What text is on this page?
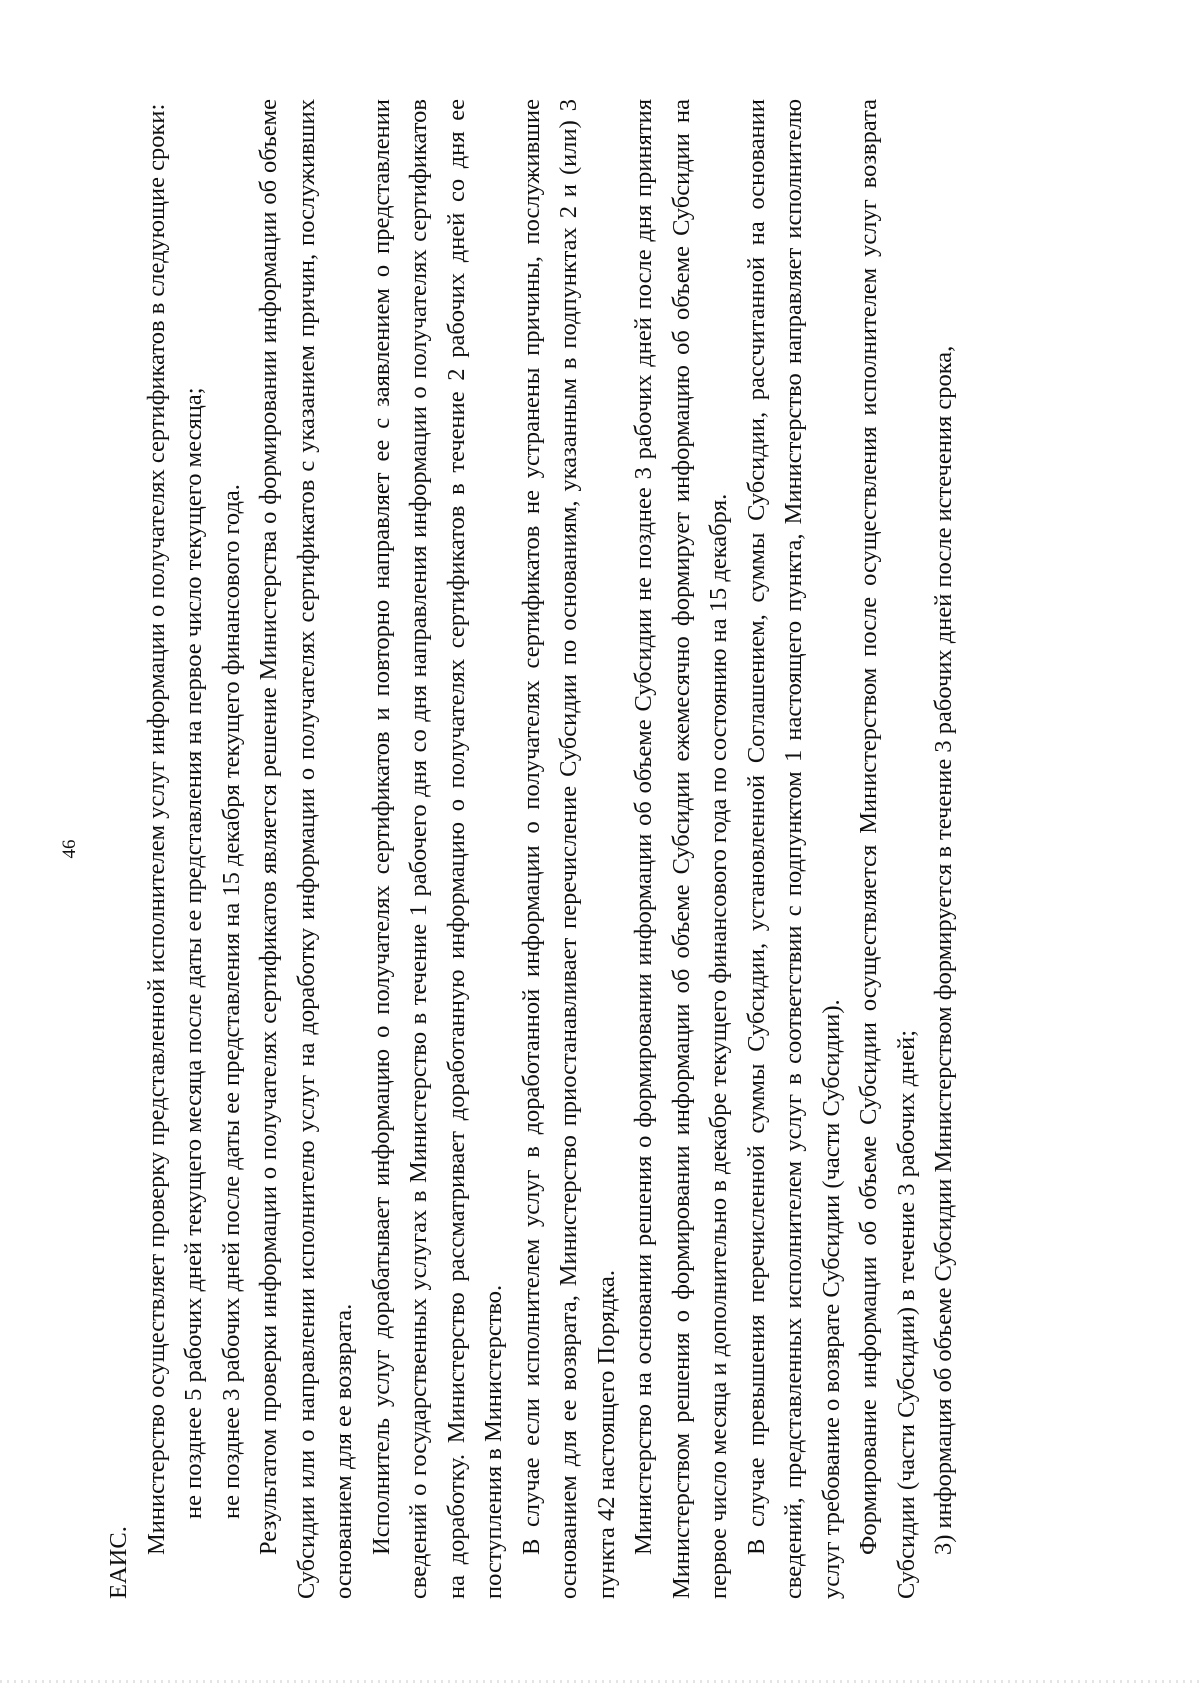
46

ЕАИС.

Министерство осуществляет проверку представленной исполнителем услуг информации о получателях сертификатов в следующие сроки: не позднее 5 рабочих дней текущего месяца после даты ее представления на первое число текущего месяца; не позднее 3 рабочих дней после даты ее представления на 15 декабря текущего финансового года. Результатом проверки информации о получателях сертификатов является решение Министерства о формировании информации об объеме Субсидии или о направлении исполнителю услуг на доработку информации о получателях сертификатов с указанием причин, послуживших основанием для ее возврата. Исполнитель услуг дорабатывает информацию о получателях сертификатов и повторно направляет ее с заявлением о представлении сведений о государственных услугах в Министерство в течение 1 рабочего дня со дня направления информации о получателях сертификатов на доработку. Министерство рассматривает доработанную информацию о получателях сертификатов в течение 2 рабочих дней со дня ее поступления в Министерство. В случае если исполнителем услуг в доработанной информации о получателях сертификатов не устранены причины, послужившие основанием для ее возврата, Министерство приостанавливает перечисление Субсидии по основаниям, указанным в подпунктах 2 и (или) 3 пункта 42 настоящего Порядка. Министерство на основании решения о формировании информации об объеме Субсидии не позднее 3 рабочих дней после дня принятия Министерством решения о формировании информации об объеме Субсидии ежемесячно формирует информацию об объеме Субсидии на первое число месяца и дополнительно в декабре текущего финансового года по состоянию на 15 декабря. В случае превышения перечисленной суммы Субсидии, установленной Соглашением, суммы Субсидии, рассчитанной на основании сведений, представленных исполнителем услуг в соответствии с подпунктом 1 настоящего пункта, Министерство направляет исполнителю услуг требование о возврате Субсидии (части Субсидии). Формирование информации об объеме Субсидии осуществляется Министерством после осуществления исполнителем услуг возврата Субсидии (части Субсидии) в течение 3 рабочих дней; 3) информация об объеме Субсидии Министерством формируется в течение 3 рабочих дней после истечения срока,
